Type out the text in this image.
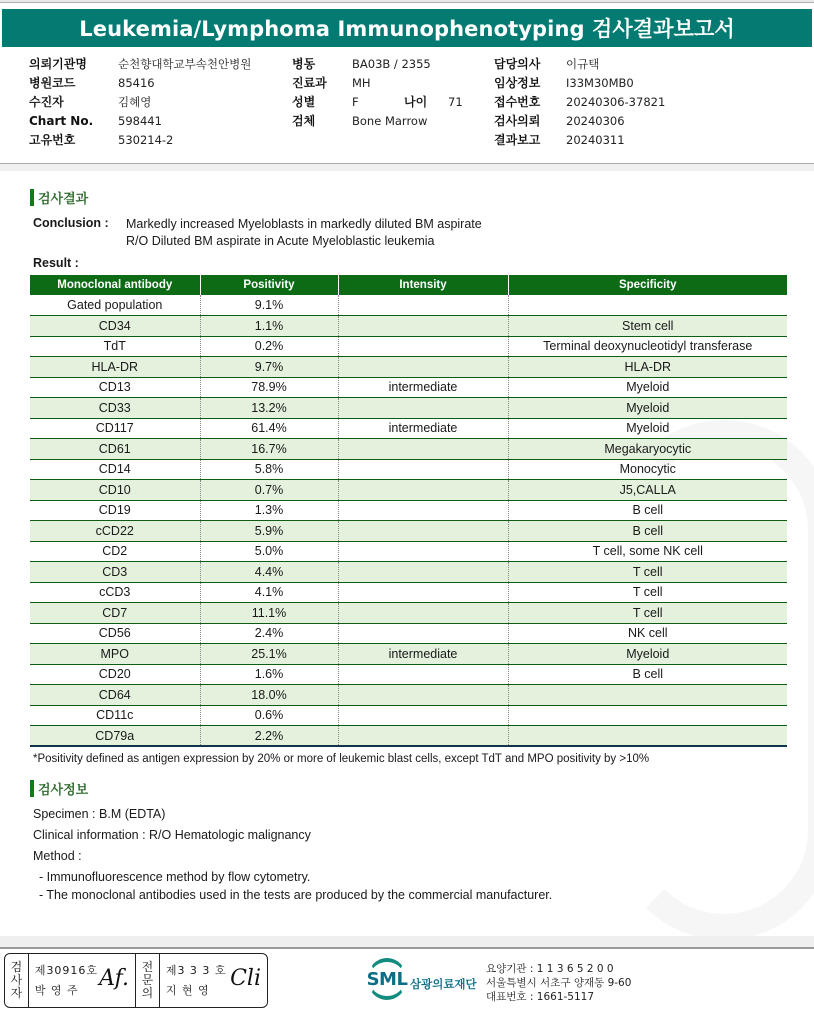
Leukemia/Lymphoma Immunophenotyping 검사결과보고서
의뢰기관명	순천향대학교부속천안병원
병원코드	85416
수진자	김혜영
Chart No.	598441
고유번호	530214-2
병동	BA03B / 2355
진료과	MH
성별	F	나이	71
검체	Bone Marrow
담당의사	이규택
임상정보	I33M30MB0
접수번호	20240306-37821
검사의뢰	20240306
결과보고	20240311
검사결과
Conclusion :	Markedly increased Myeloblasts in markedly diluted BM aspirate
R/O Diluted BM aspirate in Acute Myeloblastic leukemia
Result :
Monoclonal antibody	Positivity	Intensity	Specificity
Gated population	9.1%		
CD34	1.1%		Stem cell
TdT	0.2%		Terminal deoxynucleotidyl transferase
HLA-DR	9.7%		HLA-DR
CD13	78.9%	intermediate	Myeloid
CD33	13.2%		Myeloid
CD117	61.4%	intermediate	Myeloid
CD61	16.7%		Megakaryocytic
CD14	5.8%		Monocytic
CD10	0.7%		J5,CALLA
CD19	1.3%		B cell
cCD22	5.9%		B cell
CD2	5.0%		T cell, some NK cell
CD3	4.4%		T cell
cCD3	4.1%		T cell
CD7	11.1%		T cell
CD56	2.4%		NK cell
MPO	25.1%	intermediate	Myeloid
CD20	1.6%		B cell
CD64	18.0%		
CD11c	0.6%		
CD79a	2.2%		
*Positivity defined as antigen expression by 20% or more of leukemic blast cells, except TdT and MPO positivity by >10%
검사정보
Specimen : B.M (EDTA)
Clinical information : R/O Hematologic malignancy
Method :
- Immunofluorescence method by flow cytometry.
- The monoclonal antibodies used in the tests are produced by the commercial manufacturer.
검
사
자
제30916호
박 영 주 Af. 전
문
의
제3 3 3 호
지 현 영 Cli	SML 삼광의료재단
요양기관 : 1 1 3 6 5 2 0 0
서울특별시 서초구 양재동 9-60
대표번호 : 1661-5117
